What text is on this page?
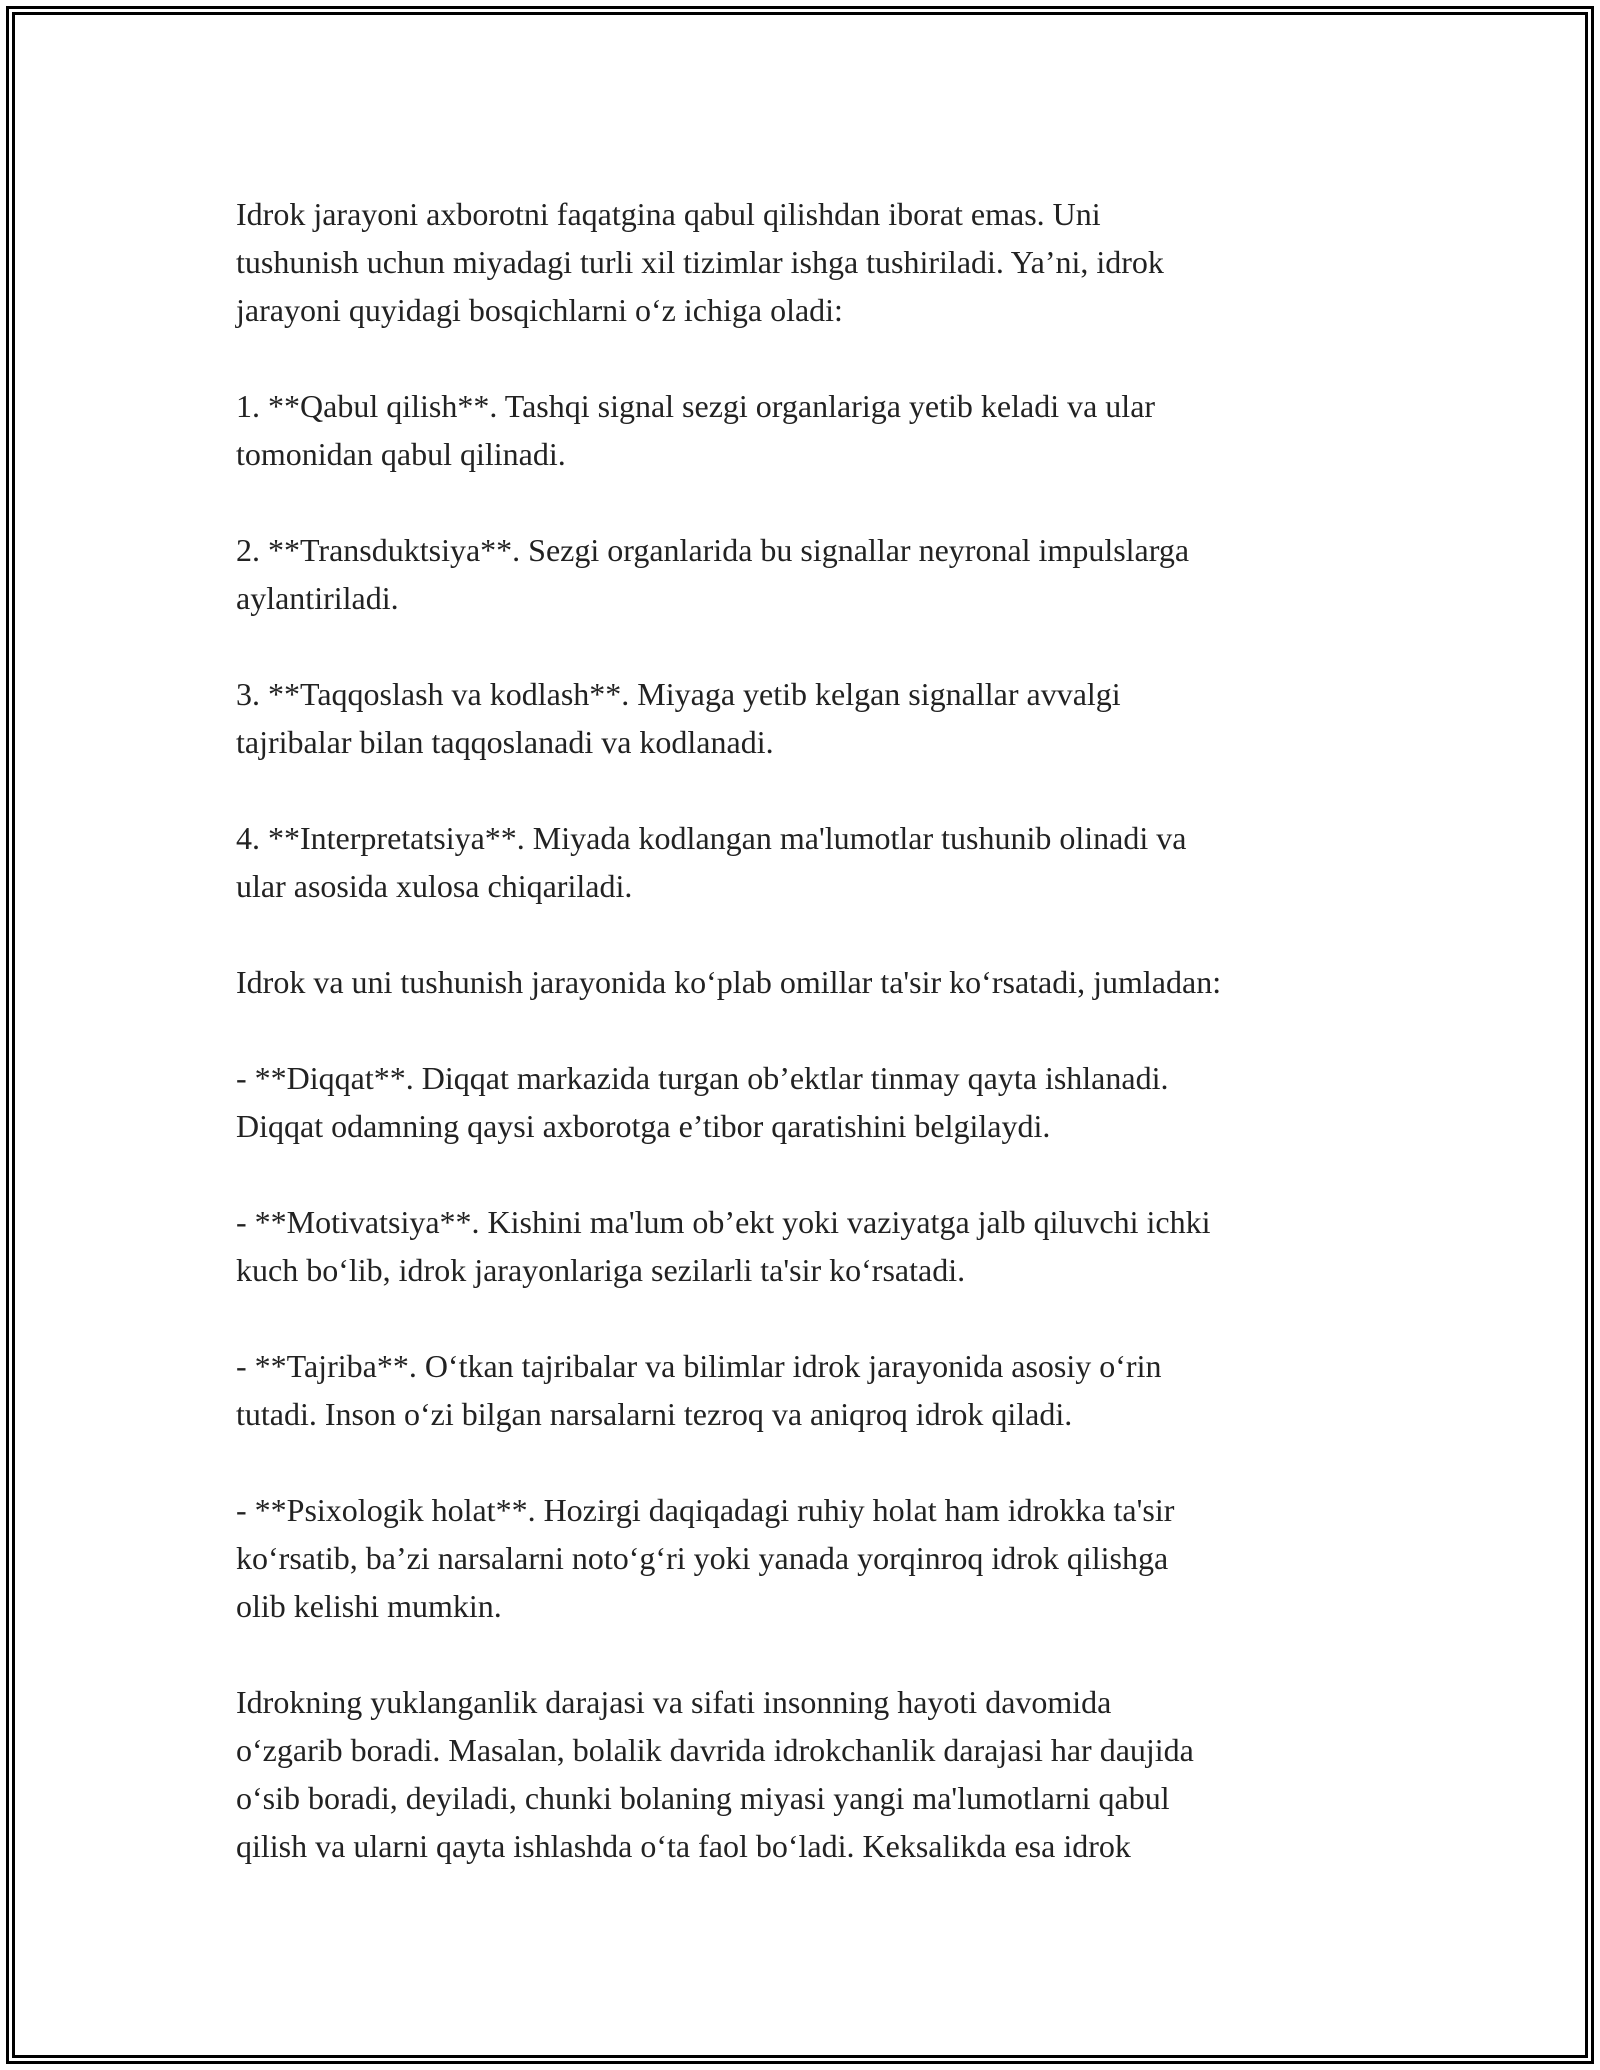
Idrok jarayoni axborotni faqatgina qabul qilishdan iborat emas. Uni
tushunish uchun miyadagi turli xil tizimlar ishga tushiriladi. Ya’ni, idrok
jarayoni quyidagi bosqichlarni o‘z ichiga oladi:

1. **Qabul qilish**. Tashqi signal sezgi organlariga yetib keladi va ular
tomonidan qabul qilinadi.

2. **Transduktsiya**. Sezgi organlarida bu signallar neyronal impulslarga
aylantiriladi.

3. **Taqqoslash va kodlash**. Miyaga yetib kelgan signallar avvalgi
tajribalar bilan taqqoslanadi va kodlanadi.

4. **Interpretatsiya**. Miyada kodlangan ma'lumotlar tushunib olinadi va
ular asosida xulosa chiqariladi.

Idrok va uni tushunish jarayonida ko‘plab omillar ta'sir ko‘rsatadi, jumladan:

- **Diqqat**. Diqqat markazida turgan ob’ektlar tinmay qayta ishlanadi.
Diqqat odamning qaysi axborotga e’tibor qaratishini belgilaydi.

- **Motivatsiya**. Kishini ma'lum ob’ekt yoki vaziyatga jalb qiluvchi ichki
kuch bo‘lib, idrok jarayonlariga sezilarli ta'sir ko‘rsatadi.

- **Tajriba**. O‘tkan tajribalar va bilimlar idrok jarayonida asosiy o‘rin
tutadi. Inson o‘zi bilgan narsalarni tezroq va aniqroq idrok qiladi.

- **Psixologik holat**. Hozirgi daqiqadagi ruhiy holat ham idrokka ta'sir
ko‘rsatib, ba’zi narsalarni noto‘g‘ri yoki yanada yorqinroq idrok qilishga
olib kelishi mumkin.

Idrokning yuklanganlik darajasi va sifati insonning hayoti davomida
o‘zgarib boradi. Masalan, bolalik davrida idrokchanlik darajasi har daujida
o‘sib boradi, deyiladi, chunki bolaning miyasi yangi ma'lumotlarni qabul
qilish va ularni qayta ishlashda o‘ta faol bo‘ladi. Keksalikda esa idrok
